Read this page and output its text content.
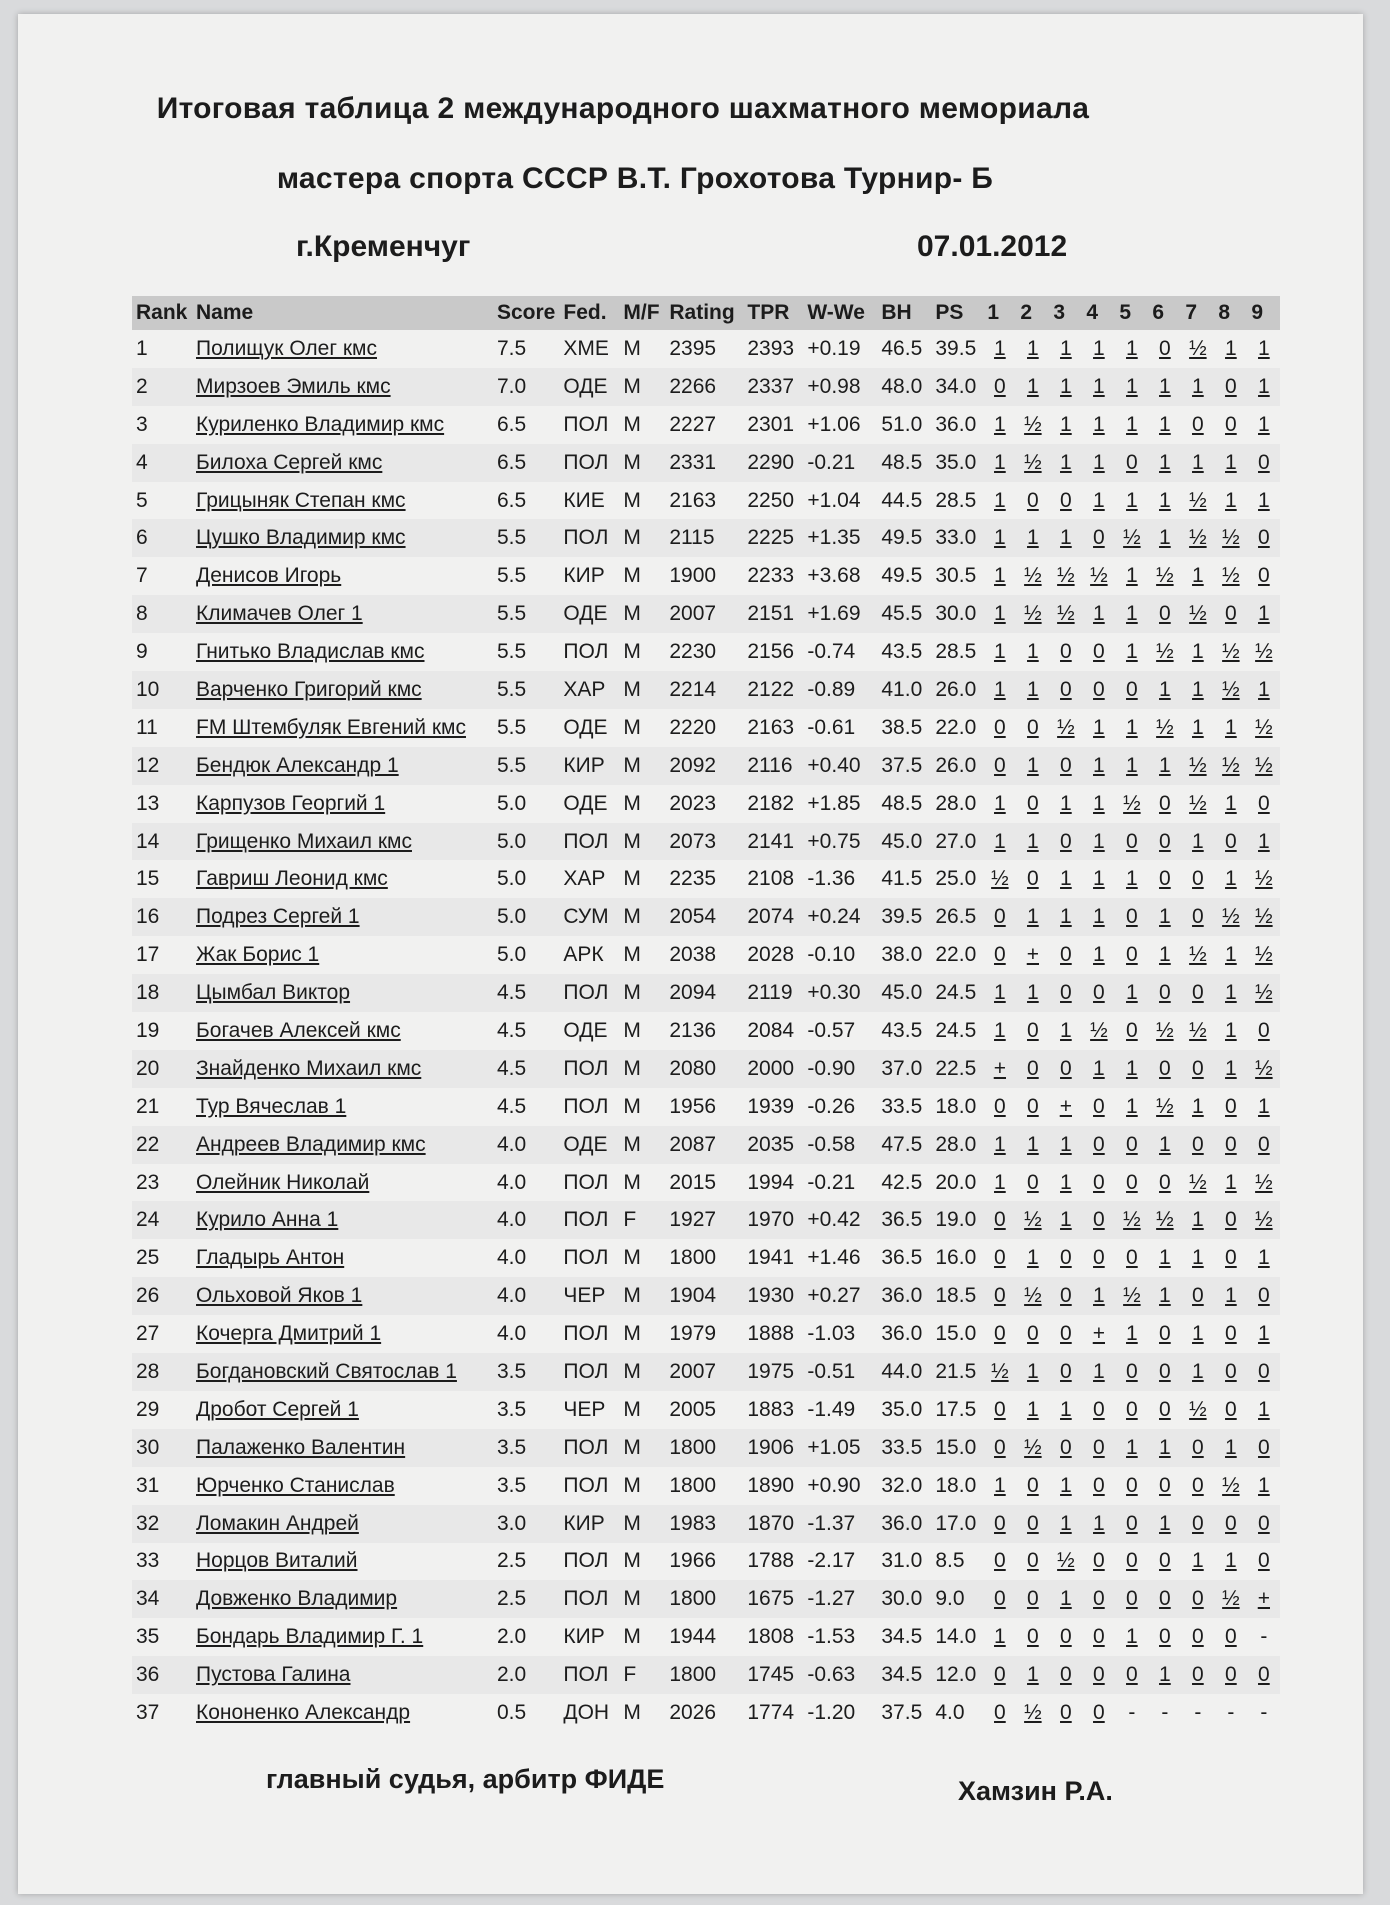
Итоговая таблица 2 международного шахматного мемориала
мастера спорта СССР В.Т. Грохотова Турнир- Б
г.Кременчуг	07.01.2012
Rank	Name	Score	Fed.	M/F	Rating	TPR	W-We	BH	PS	1	2	3	4	5	6	7	8	9
1	Полищук Олег кмс	7.5	ХМЕ	M	2395	2393	+0.19	46.5	39.5	1	1	1	1	1	0	½	1	1
2	Мирзоев Эмиль кмс	7.0	ОДЕ	M	2266	2337	+0.98	48.0	34.0	0	1	1	1	1	1	1	0	1
3	Куриленко Владимир кмс	6.5	ПОЛ	M	2227	2301	+1.06	51.0	36.0	1	½	1	1	1	1	0	0	1
4	Билоха Сергей кмс	6.5	ПОЛ	M	2331	2290	-0.21	48.5	35.0	1	½	1	1	0	1	1	1	0
5	Грицыняк Степан кмс	6.5	КИЕ	M	2163	2250	+1.04	44.5	28.5	1	0	0	1	1	1	½	1	1
6	Цушко Владимир кмс	5.5	ПОЛ	M	2115	2225	+1.35	49.5	33.0	1	1	1	0	½	1	½	½	0
7	Денисов Игорь	5.5	КИР	M	1900	2233	+3.68	49.5	30.5	1	½	½	½	1	½	1	½	0
8	Климачев Олег 1	5.5	ОДЕ	M	2007	2151	+1.69	45.5	30.0	1	½	½	1	1	0	½	0	1
9	Гнитько Владислав кмс	5.5	ПОЛ	M	2230	2156	-0.74	43.5	28.5	1	1	0	0	1	½	1	½	½
10	Варченко Григорий кмс	5.5	ХАР	M	2214	2122	-0.89	41.0	26.0	1	1	0	0	0	1	1	½	1
11	FM Штембуляк Евгений кмс	5.5	ОДЕ	M	2220	2163	-0.61	38.5	22.0	0	0	½	1	1	½	1	1	½
12	Бендюк Александр 1	5.5	КИР	M	2092	2116	+0.40	37.5	26.0	0	1	0	1	1	1	½	½	½
13	Карпузов Георгий 1	5.0	ОДЕ	M	2023	2182	+1.85	48.5	28.0	1	0	1	1	½	0	½	1	0
14	Грищенко Михаил кмс	5.0	ПОЛ	M	2073	2141	+0.75	45.0	27.0	1	1	0	1	0	0	1	0	1
15	Гавриш Леонид кмс	5.0	ХАР	M	2235	2108	-1.36	41.5	25.0	½	0	1	1	1	0	0	1	½
16	Подрез Сергей 1	5.0	СУМ	M	2054	2074	+0.24	39.5	26.5	0	1	1	1	0	1	0	½	½
17	Жак Борис 1	5.0	АРК	M	2038	2028	-0.10	38.0	22.0	0	+	0	1	0	1	½	1	½
18	Цымбал Виктор	4.5	ПОЛ	M	2094	2119	+0.30	45.0	24.5	1	1	0	0	1	0	0	1	½
19	Богачев Алексей кмс	4.5	ОДЕ	M	2136	2084	-0.57	43.5	24.5	1	0	1	½	0	½	½	1	0
20	Знайденко Михаил кмс	4.5	ПОЛ	M	2080	2000	-0.90	37.0	22.5	+	0	0	1	1	0	0	1	½
21	Тур Вячеслав 1	4.5	ПОЛ	M	1956	1939	-0.26	33.5	18.0	0	0	+	0	1	½	1	0	1
22	Андреев Владимир кмс	4.0	ОДЕ	M	2087	2035	-0.58	47.5	28.0	1	1	1	0	0	1	0	0	0
23	Олейник Николай	4.0	ПОЛ	M	2015	1994	-0.21	42.5	20.0	1	0	1	0	0	0	½	1	½
24	Курило Анна 1	4.0	ПОЛ	F	1927	1970	+0.42	36.5	19.0	0	½	1	0	½	½	1	0	½
25	Гладырь Антон	4.0	ПОЛ	M	1800	1941	+1.46	36.5	16.0	0	1	0	0	0	1	1	0	1
26	Ольховой Яков 1	4.0	ЧЕР	M	1904	1930	+0.27	36.0	18.5	0	½	0	1	½	1	0	1	0
27	Кочерга Дмитрий 1	4.0	ПОЛ	M	1979	1888	-1.03	36.0	15.0	0	0	0	+	1	0	1	0	1
28	Богдановский Святослав 1	3.5	ПОЛ	M	2007	1975	-0.51	44.0	21.5	½	1	0	1	0	0	1	0	0
29	Дробот Сергей 1	3.5	ЧЕР	M	2005	1883	-1.49	35.0	17.5	0	1	1	0	0	0	½	0	1
30	Палаженко Валентин	3.5	ПОЛ	M	1800	1906	+1.05	33.5	15.0	0	½	0	0	1	1	0	1	0
31	Юрченко Станислав	3.5	ПОЛ	M	1800	1890	+0.90	32.0	18.0	1	0	1	0	0	0	0	½	1
32	Ломакин Андрей	3.0	КИР	M	1983	1870	-1.37	36.0	17.0	0	0	1	1	0	1	0	0	0
33	Норцов Виталий	2.5	ПОЛ	M	1966	1788	-2.17	31.0	8.5	0	0	½	0	0	0	1	1	0
34	Довженко Владимир	2.5	ПОЛ	M	1800	1675	-1.27	30.0	9.0	0	0	1	0	0	0	0	½	+
35	Бондарь Владимир Г. 1	2.0	КИР	M	1944	1808	-1.53	34.5	14.0	1	0	0	0	1	0	0	0	-
36	Пустова Галина	2.0	ПОЛ	F	1800	1745	-0.63	34.5	12.0	0	1	0	0	0	1	0	0	0
37	Кононенко Александр	0.5	ДОН	M	2026	1774	-1.20	37.5	4.0	0	½	0	0	-	-	-	-	-
главный судья, арбитр ФИДЕ	Хамзин Р.А.
